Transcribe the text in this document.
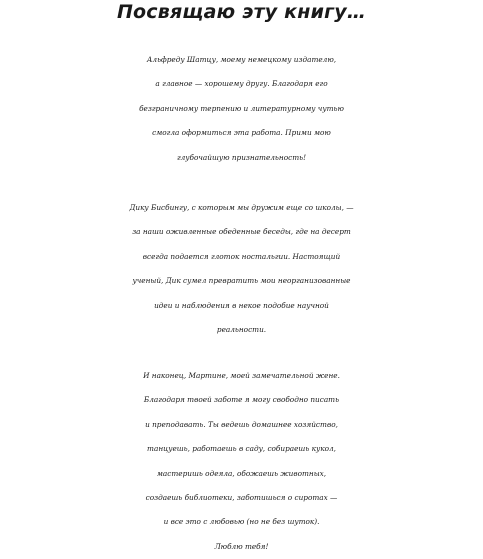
Посвящаю эту книгу…

Альфреду Шатцу, моему немецкому издателю,
а главное — хорошему другу. Благодаря его
безграничному терпению и литературному чутью
смогла оформиться эта работа. Прими мою
глубочайшую признательность!

Дику Бисбингу, с которым мы дружим еще со школы, —
за наши оживленные обеденные беседы, где на десерт
всегда подается глоток ностальгии. Настоящий
ученый, Дик сумел превратить мои неорганизованные
идеи и наблюдения в некое подобие научной
реальности.

И наконец, Мартине, моей замечательной жене.
Благодаря твоей заботе я могу свободно писать
и преподавать. Ты ведешь домашнее хозяйство,
танцуешь, работаешь в саду, собираешь кукол,
мастеришь одеяла, обожаешь животных,
создаешь библиотеки, заботишься о сиротах —
и все это с любовью (но не без шуток).
Люблю тебя!
